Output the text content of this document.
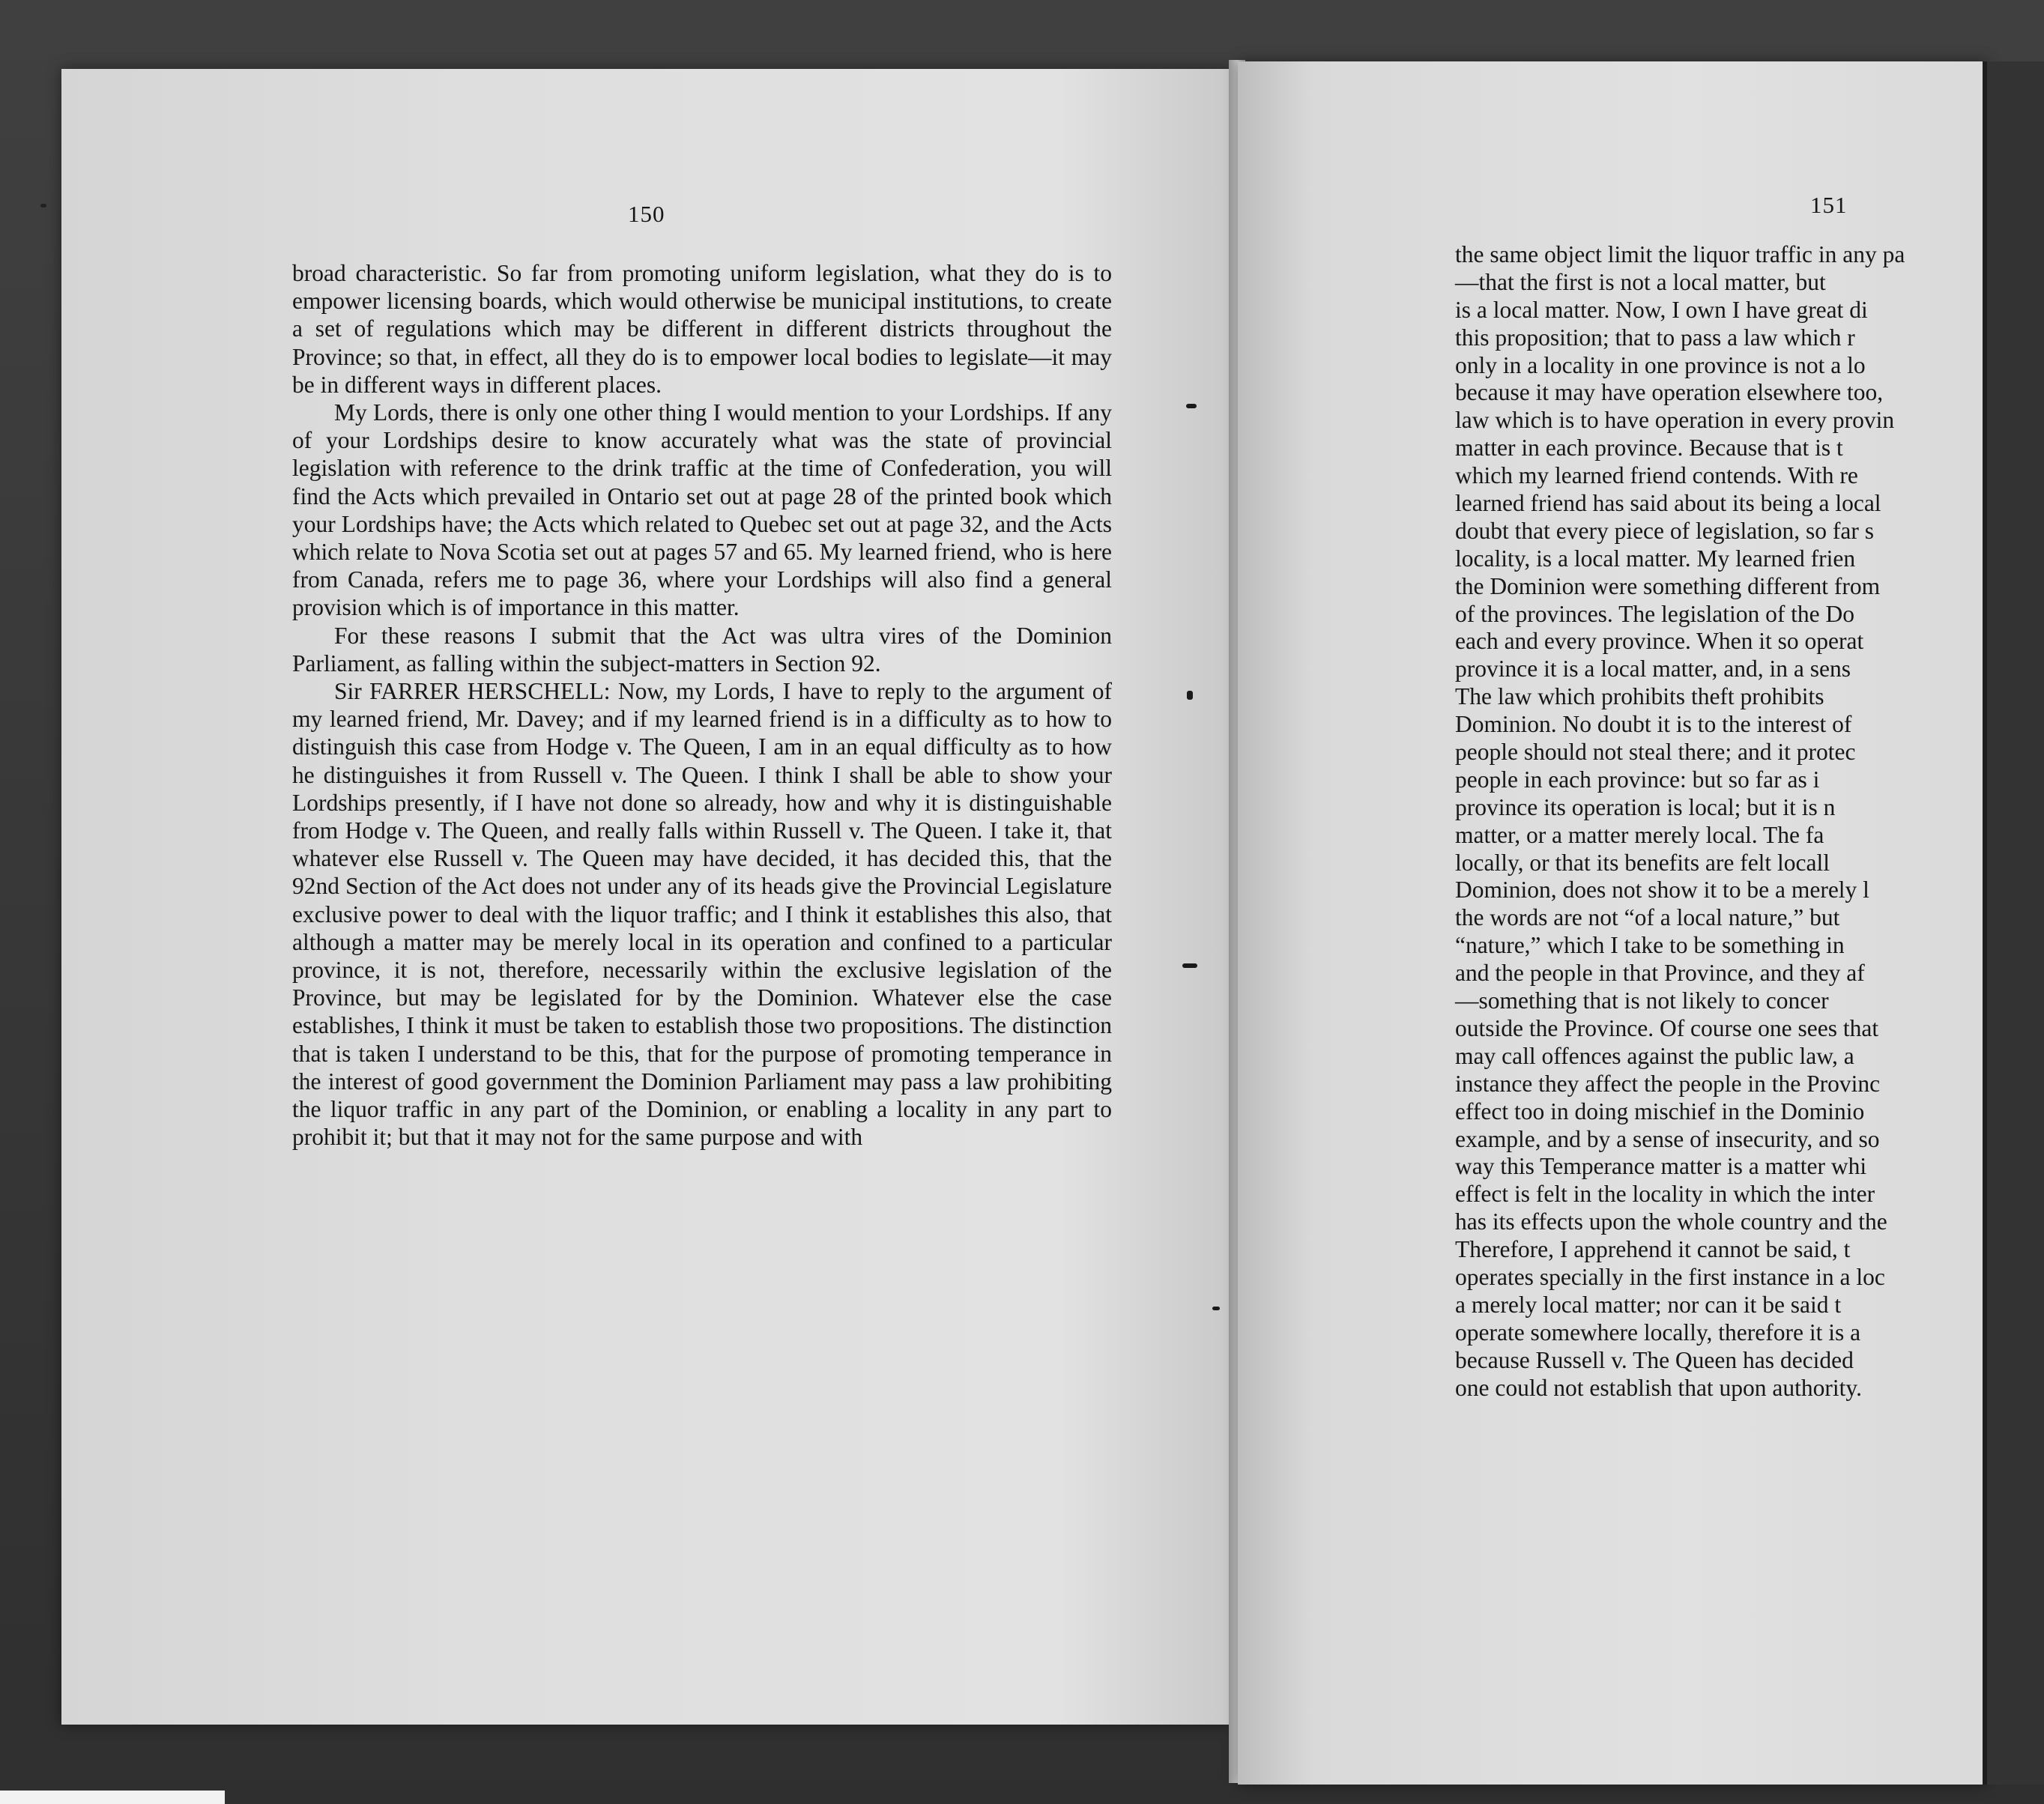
150

broad characteristic. So far from promoting uniform legislation, what they do is to empower licensing boards, which would otherwise be municipal institutions, to create a set of regulations which may be different in different districts throughout the Province; so that, in effect, all they do is to empower local bodies to legislate—it may be in different ways in different places.

My Lords, there is only one other thing I would mention to your Lordships. If any of your Lordships desire to know accurately what was the state of provincial legislation with reference to the drink traffic at the time of Confederation, you will find the Acts which prevailed in Ontario set out at page 28 of the printed book which your Lordships have; the Acts which related to Quebec set out at page 32, and the Acts which relate to Nova Scotia set out at pages 57 and 65. My learned friend, who is here from Canada, refers me to page 36, where your Lordships will also find a general provision which is of importance in this matter.

For these reasons I submit that the Act was ultra vires of the Dominion Parliament, as falling within the subject-matters in Section 92.

Sir FARRER HERSCHELL: Now, my Lords, I have to reply to the argument of my learned friend, Mr. Davey; and if my learned friend is in a difficulty as to how to distinguish this case from Hodge v. The Queen, I am in an equal difficulty as to how he distinguishes it from Russell v. The Queen. I think I shall be able to show your Lordships presently, if I have not done so already, how and why it is distinguishable from Hodge v. The Queen, and really falls within Russell v. The Queen. I take it, that whatever else Russell v. The Queen may have decided, it has decided this, that the 92nd Section of the Act does not under any of its heads give the Provincial Legislature exclusive power to deal with the liquor traffic; and I think it establishes this also, that although a matter may be merely local in its operation and confined to a particular province, it is not, therefore, necessarily within the exclusive legislation of the Province, but may be legislated for by the Dominion. Whatever else the case establishes, I think it must be taken to establish those two propositions. The distinction that is taken I understand to be this, that for the purpose of promoting temperance in the interest of good government the Dominion Parliament may pass a law prohibiting the liquor traffic in any part of the Dominion, or enabling a locality in any part to prohibit it; but that it may not for the same purpose and with

151
the same object limit the liquor traffic in any pa
—that the first is not a local matter, but
is a local matter. Now, I own I have great di
this proposition; that to pass a law which r
only in a locality in one province is not a lo
because it may have operation elsewhere too,
law which is to have operation in every provin
matter in each province. Because that is t
which my learned friend contends. With re
learned friend has said about its being a local
doubt that every piece of legislation, so far s
locality, is a local matter. My learned frien
the Dominion were something different from
of the provinces. The legislation of the Do
each and every province. When it so operat
province it is a local matter, and, in a sens
The law which prohibits theft prohibits
Dominion. No doubt it is to the interest of
people should not steal there; and it protec
people in each province: but so far as i
province its operation is local; but it is n
matter, or a matter merely local. The fa
locally, or that its benefits are felt locall
Dominion, does not show it to be a merely l
the words are not “of a local nature,” but
“nature,” which I take to be something in
and the people in that Province, and they af
—something that is not likely to concer
outside the Province. Of course one sees that
may call offences against the public law, a
instance they affect the people in the Provinc
effect too in doing mischief in the Dominio
example, and by a sense of insecurity, and so
way this Temperance matter is a matter whi
effect is felt in the locality in which the inter
has its effects upon the whole country and the
Therefore, I apprehend it cannot be said, t
operates specially in the first instance in a loc
a merely local matter; nor can it be said t
operate somewhere locally, therefore it is a
because Russell v. The Queen has decided
one could not establish that upon authority.
